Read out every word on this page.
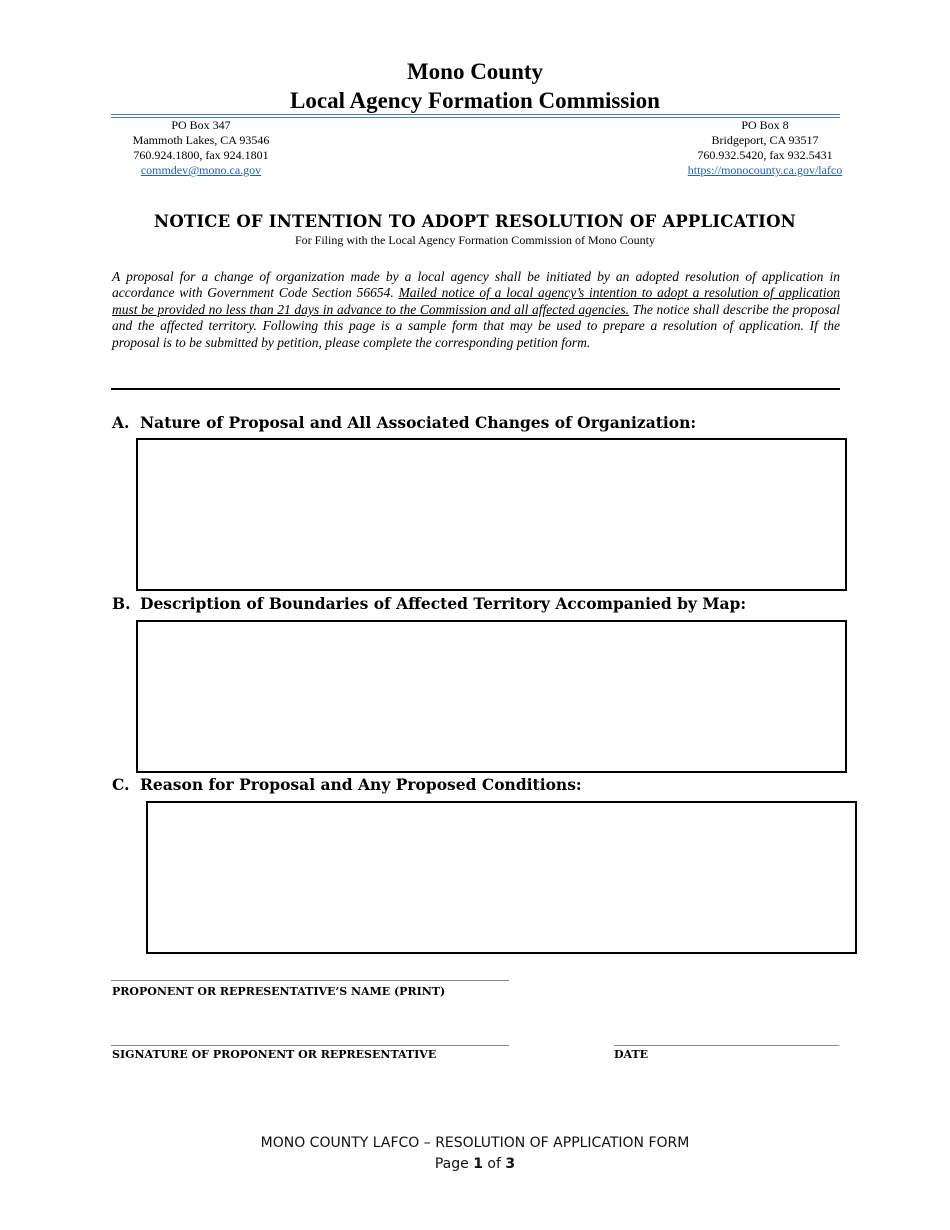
Mono County
Local Agency Formation Commission
PO Box 347
Mammoth Lakes, CA 93546
760.924.1800, fax 924.1801
commdev@mono.ca.gov
PO Box 8
Bridgeport, CA 93517
760.932.5420, fax 932.5431
https://monocounty.ca.gov/lafco
NOTICE OF INTENTION TO ADOPT RESOLUTION OF APPLICATION
For Filing with the Local Agency Formation Commission of Mono County
A proposal for a change of organization made by a local agency shall be initiated by an adopted resolution of application in accordance with Government Code Section 56654. Mailed notice of a local agency’s intention to adopt a resolution of application must be provided no less than 21 days in advance to the Commission and all affected agencies. The notice shall describe the proposal and the affected territory. Following this page is a sample form that may be used to prepare a resolution of application. If the proposal is to be submitted by petition, please complete the corresponding petition form.
A. Nature of Proposal and All Associated Changes of Organization:
B. Description of Boundaries of Affected Territory Accompanied by Map:
C. Reason for Proposal and Any Proposed Conditions:
PROPONENT OR REPRESENTATIVE’S NAME (PRINT)
SIGNATURE OF PROPONENT OR REPRESENTATIVE	DATE
MONO COUNTY LAFCO – RESOLUTION OF APPLICATION FORM
Page 1 of 3
